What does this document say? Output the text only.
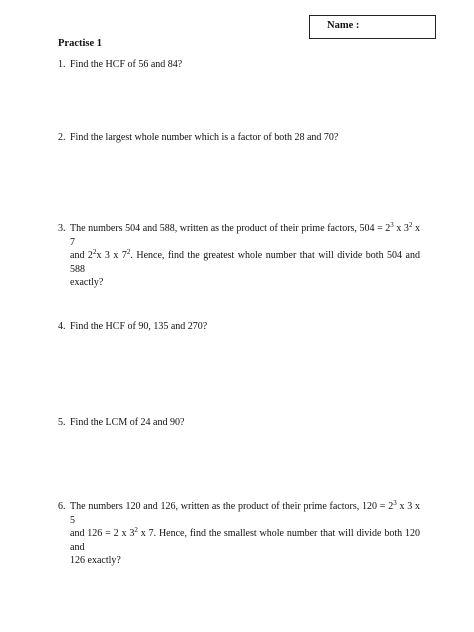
Name :
Practise 1
1. Find the HCF of 56 and 84?
2. Find the largest whole number which is a factor of both 28 and 70?
3. The numbers 504 and 588, written as the product of their prime factors, $504 = 2^3$ x $3^2$ x 7
and $2^2x$ 3 x $7^2$. Hence, find the greatest whole number that will divide both 504 and 588
exactly?
4. Find the HCF of 90, 135 and 270?
5. Find the LCM of 24 and 90?
6. The numbers 120 and 126, written as the product of their prime factors, $120 = 2^3$ x 3 x 5
and 126 = 2 x $3^2$ x 7. Hence, find the smallest whole number that will divide both 120 and
126 exactly?
